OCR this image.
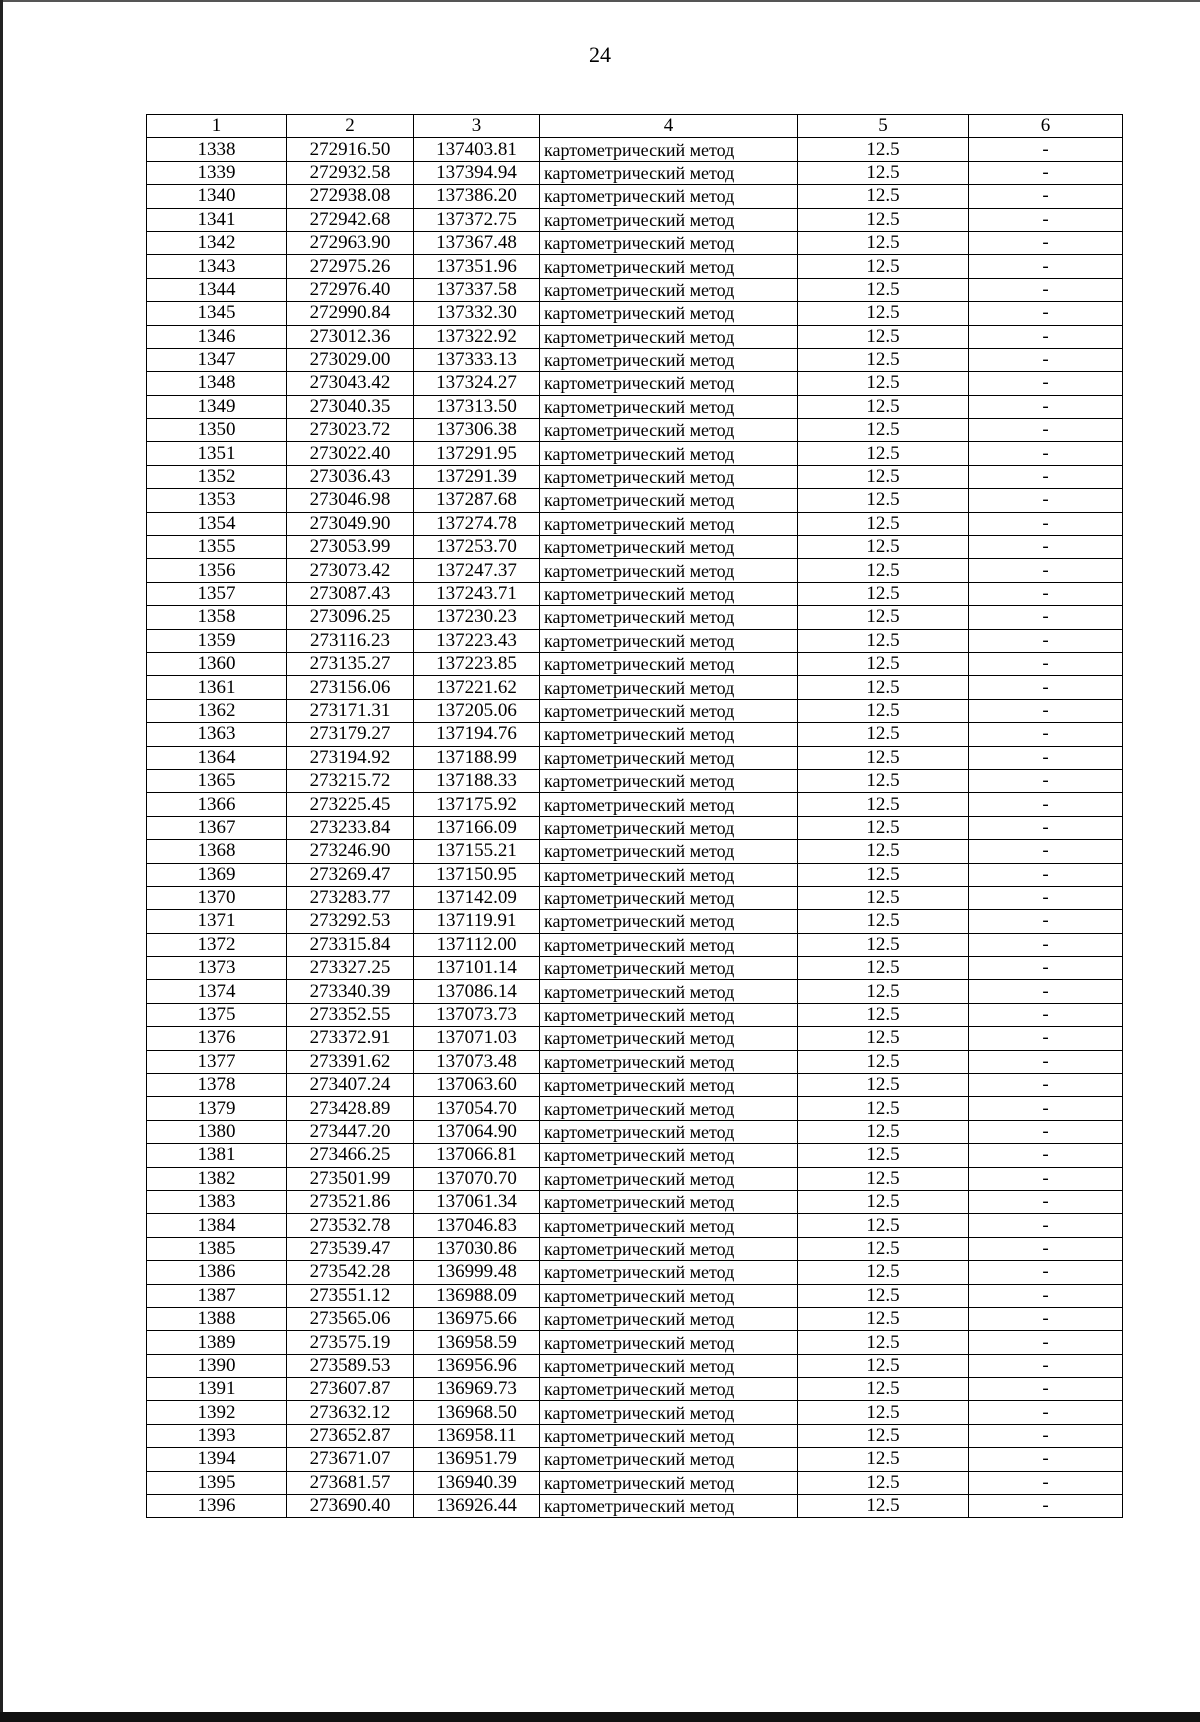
24
1	2	3	4	5	6
1338	272916.50	137403.81	картометрический метод	12.5	-
1339	272932.58	137394.94	картометрический метод	12.5	-
1340	272938.08	137386.20	картометрический метод	12.5	-
1341	272942.68	137372.75	картометрический метод	12.5	-
1342	272963.90	137367.48	картометрический метод	12.5	-
1343	272975.26	137351.96	картометрический метод	12.5	-
1344	272976.40	137337.58	картометрический метод	12.5	-
1345	272990.84	137332.30	картометрический метод	12.5	-
1346	273012.36	137322.92	картометрический метод	12.5	-
1347	273029.00	137333.13	картометрический метод	12.5	-
1348	273043.42	137324.27	картометрический метод	12.5	-
1349	273040.35	137313.50	картометрический метод	12.5	-
1350	273023.72	137306.38	картометрический метод	12.5	-
1351	273022.40	137291.95	картометрический метод	12.5	-
1352	273036.43	137291.39	картометрический метод	12.5	-
1353	273046.98	137287.68	картометрический метод	12.5	-
1354	273049.90	137274.78	картометрический метод	12.5	-
1355	273053.99	137253.70	картометрический метод	12.5	-
1356	273073.42	137247.37	картометрический метод	12.5	-
1357	273087.43	137243.71	картометрический метод	12.5	-
1358	273096.25	137230.23	картометрический метод	12.5	-
1359	273116.23	137223.43	картометрический метод	12.5	-
1360	273135.27	137223.85	картометрический метод	12.5	-
1361	273156.06	137221.62	картометрический метод	12.5	-
1362	273171.31	137205.06	картометрический метод	12.5	-
1363	273179.27	137194.76	картометрический метод	12.5	-
1364	273194.92	137188.99	картометрический метод	12.5	-
1365	273215.72	137188.33	картометрический метод	12.5	-
1366	273225.45	137175.92	картометрический метод	12.5	-
1367	273233.84	137166.09	картометрический метод	12.5	-
1368	273246.90	137155.21	картометрический метод	12.5	-
1369	273269.47	137150.95	картометрический метод	12.5	-
1370	273283.77	137142.09	картометрический метод	12.5	-
1371	273292.53	137119.91	картометрический метод	12.5	-
1372	273315.84	137112.00	картометрический метод	12.5	-
1373	273327.25	137101.14	картометрический метод	12.5	-
1374	273340.39	137086.14	картометрический метод	12.5	-
1375	273352.55	137073.73	картометрический метод	12.5	-
1376	273372.91	137071.03	картометрический метод	12.5	-
1377	273391.62	137073.48	картометрический метод	12.5	-
1378	273407.24	137063.60	картометрический метод	12.5	-
1379	273428.89	137054.70	картометрический метод	12.5	-
1380	273447.20	137064.90	картометрический метод	12.5	-
1381	273466.25	137066.81	картометрический метод	12.5	-
1382	273501.99	137070.70	картометрический метод	12.5	-
1383	273521.86	137061.34	картометрический метод	12.5	-
1384	273532.78	137046.83	картометрический метод	12.5	-
1385	273539.47	137030.86	картометрический метод	12.5	-
1386	273542.28	136999.48	картометрический метод	12.5	-
1387	273551.12	136988.09	картометрический метод	12.5	-
1388	273565.06	136975.66	картометрический метод	12.5	-
1389	273575.19	136958.59	картометрический метод	12.5	-
1390	273589.53	136956.96	картометрический метод	12.5	-
1391	273607.87	136969.73	картометрический метод	12.5	-
1392	273632.12	136968.50	картометрический метод	12.5	-
1393	273652.87	136958.11	картометрический метод	12.5	-
1394	273671.07	136951.79	картометрический метод	12.5	-
1395	273681.57	136940.39	картометрический метод	12.5	-
1396	273690.40	136926.44	картометрический метод	12.5	-
